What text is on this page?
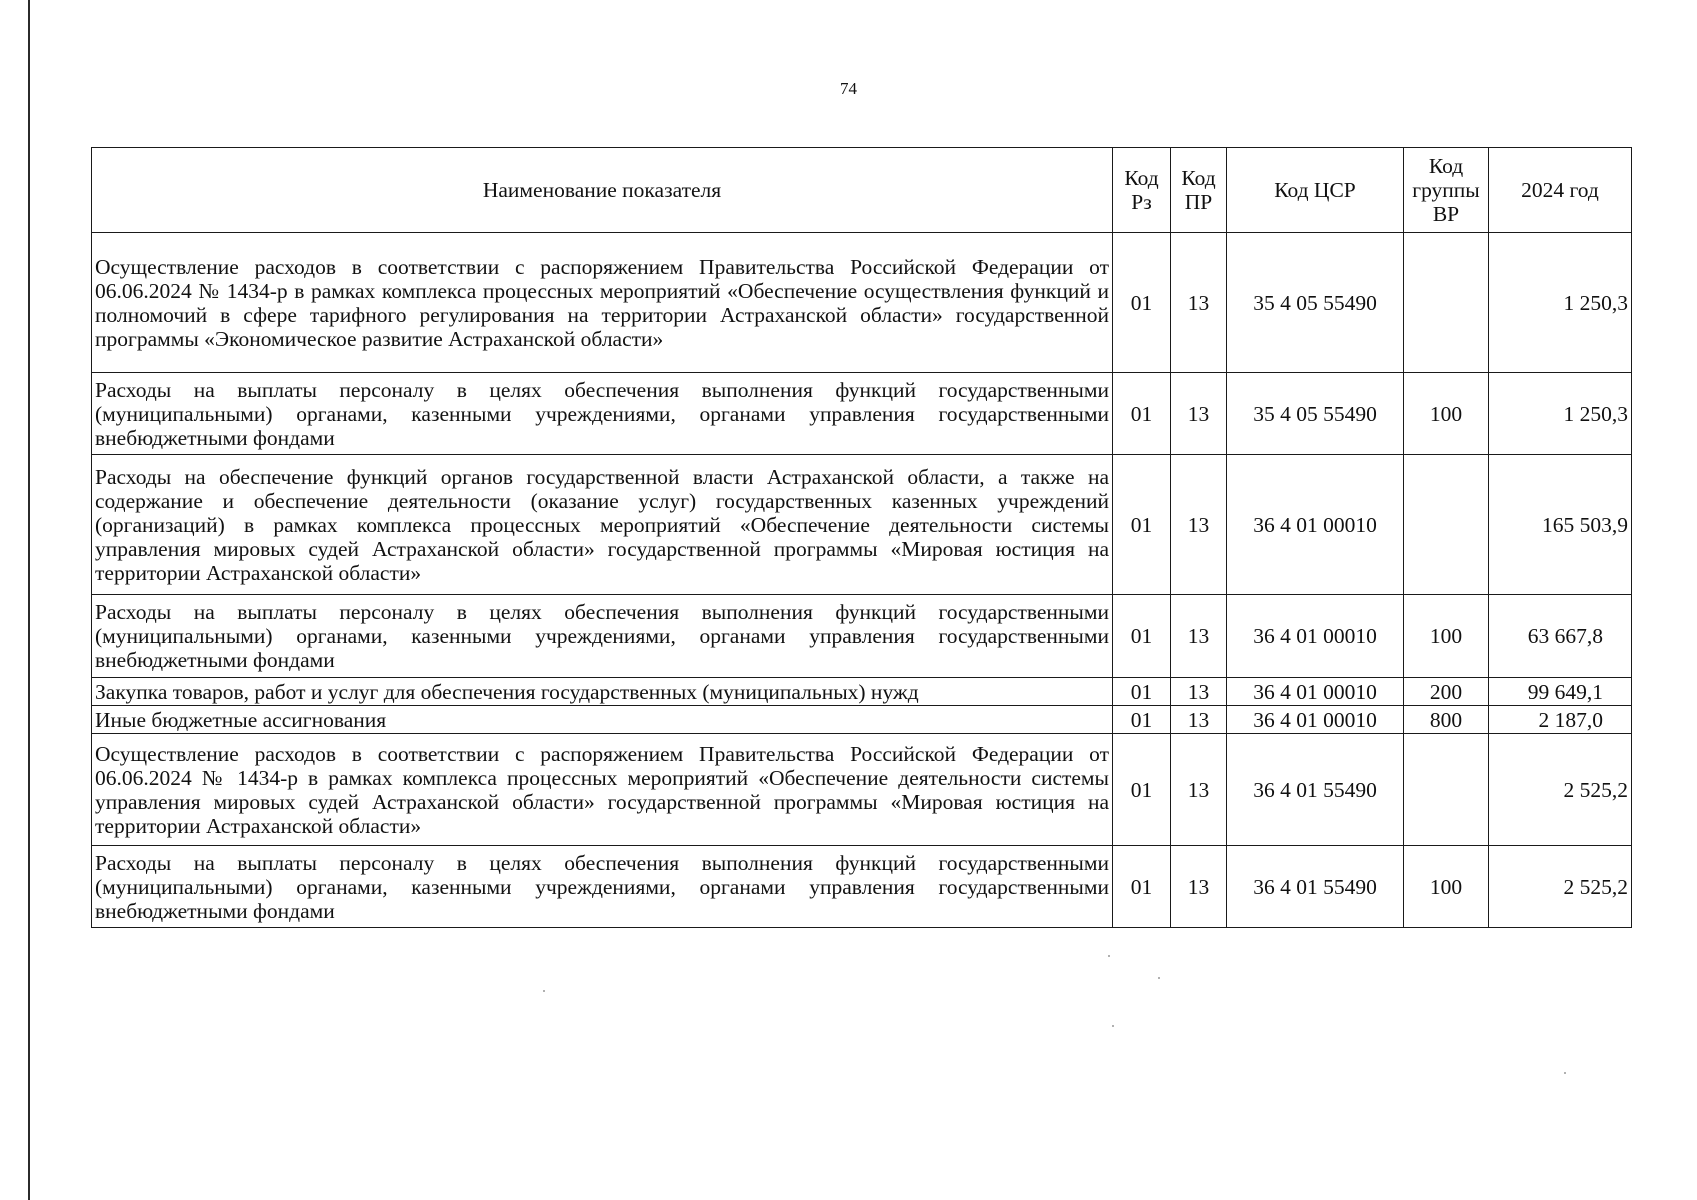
74
Наименование показателя	Код Рз	Код ПР	Код ЦСР	Код группы ВР	2024 год
Осуществление расходов в соответствии с распоряжением Правительства Российской Федерации от 06.06.2024 № 1434-р в рамках комплекса процессных мероприятий «Обеспечение осуществления функций и полномочий в сфере тарифного регулирования на территории Астраханской области» государственной программы «Экономическое развитие Астраханской области»	01	13	35 4 05 55490		1 250,3
Расходы на выплаты персоналу в целях обеспечения выполнения функций государственными (муниципальными) органами, казенными учреждениями, органами управления государственными внебюджетными фондами	01	13	35 4 05 55490	100	1 250,3
Расходы на обеспечение функций органов государственной власти Астраханской области, а также на содержание и обеспечение деятельности (оказание услуг) государственных казенных учреждений (организаций) в рамках комплекса процессных мероприятий «Обеспечение деятельности системы управления мировых судей Астраханской области» государственной программы «Мировая юстиция на территории Астраханской области»	01	13	36 4 01 00010		165 503,9
Расходы на выплаты персоналу в целях обеспечения выполнения функций государственными (муниципальными) органами, казенными учреждениями, органами управления государственными внебюджетными фондами	01	13	36 4 01 00010	100	63 667,8
Закупка товаров, работ и услуг для обеспечения государственных (муниципальных) нужд	01	13	36 4 01 00010	200	99 649,1
Иные бюджетные ассигнования	01	13	36 4 01 00010	800	2 187,0
Осуществление расходов в соответствии с распоряжением Правительства Российской Федерации от 06.06.2024 № 1434-р в рамках комплекса процессных мероприятий «Обеспечение деятельности системы управления мировых судей Астраханской области» государственной программы «Мировая юстиция на территории Астраханской области»	01	13	36 4 01 55490		2 525,2
Расходы на выплаты персоналу в целях обеспечения выполнения функций государственными (муниципальными) органами, казенными учреждениями, органами управления государственными внебюджетными фондами	01	13	36 4 01 55490	100	2 525,2
